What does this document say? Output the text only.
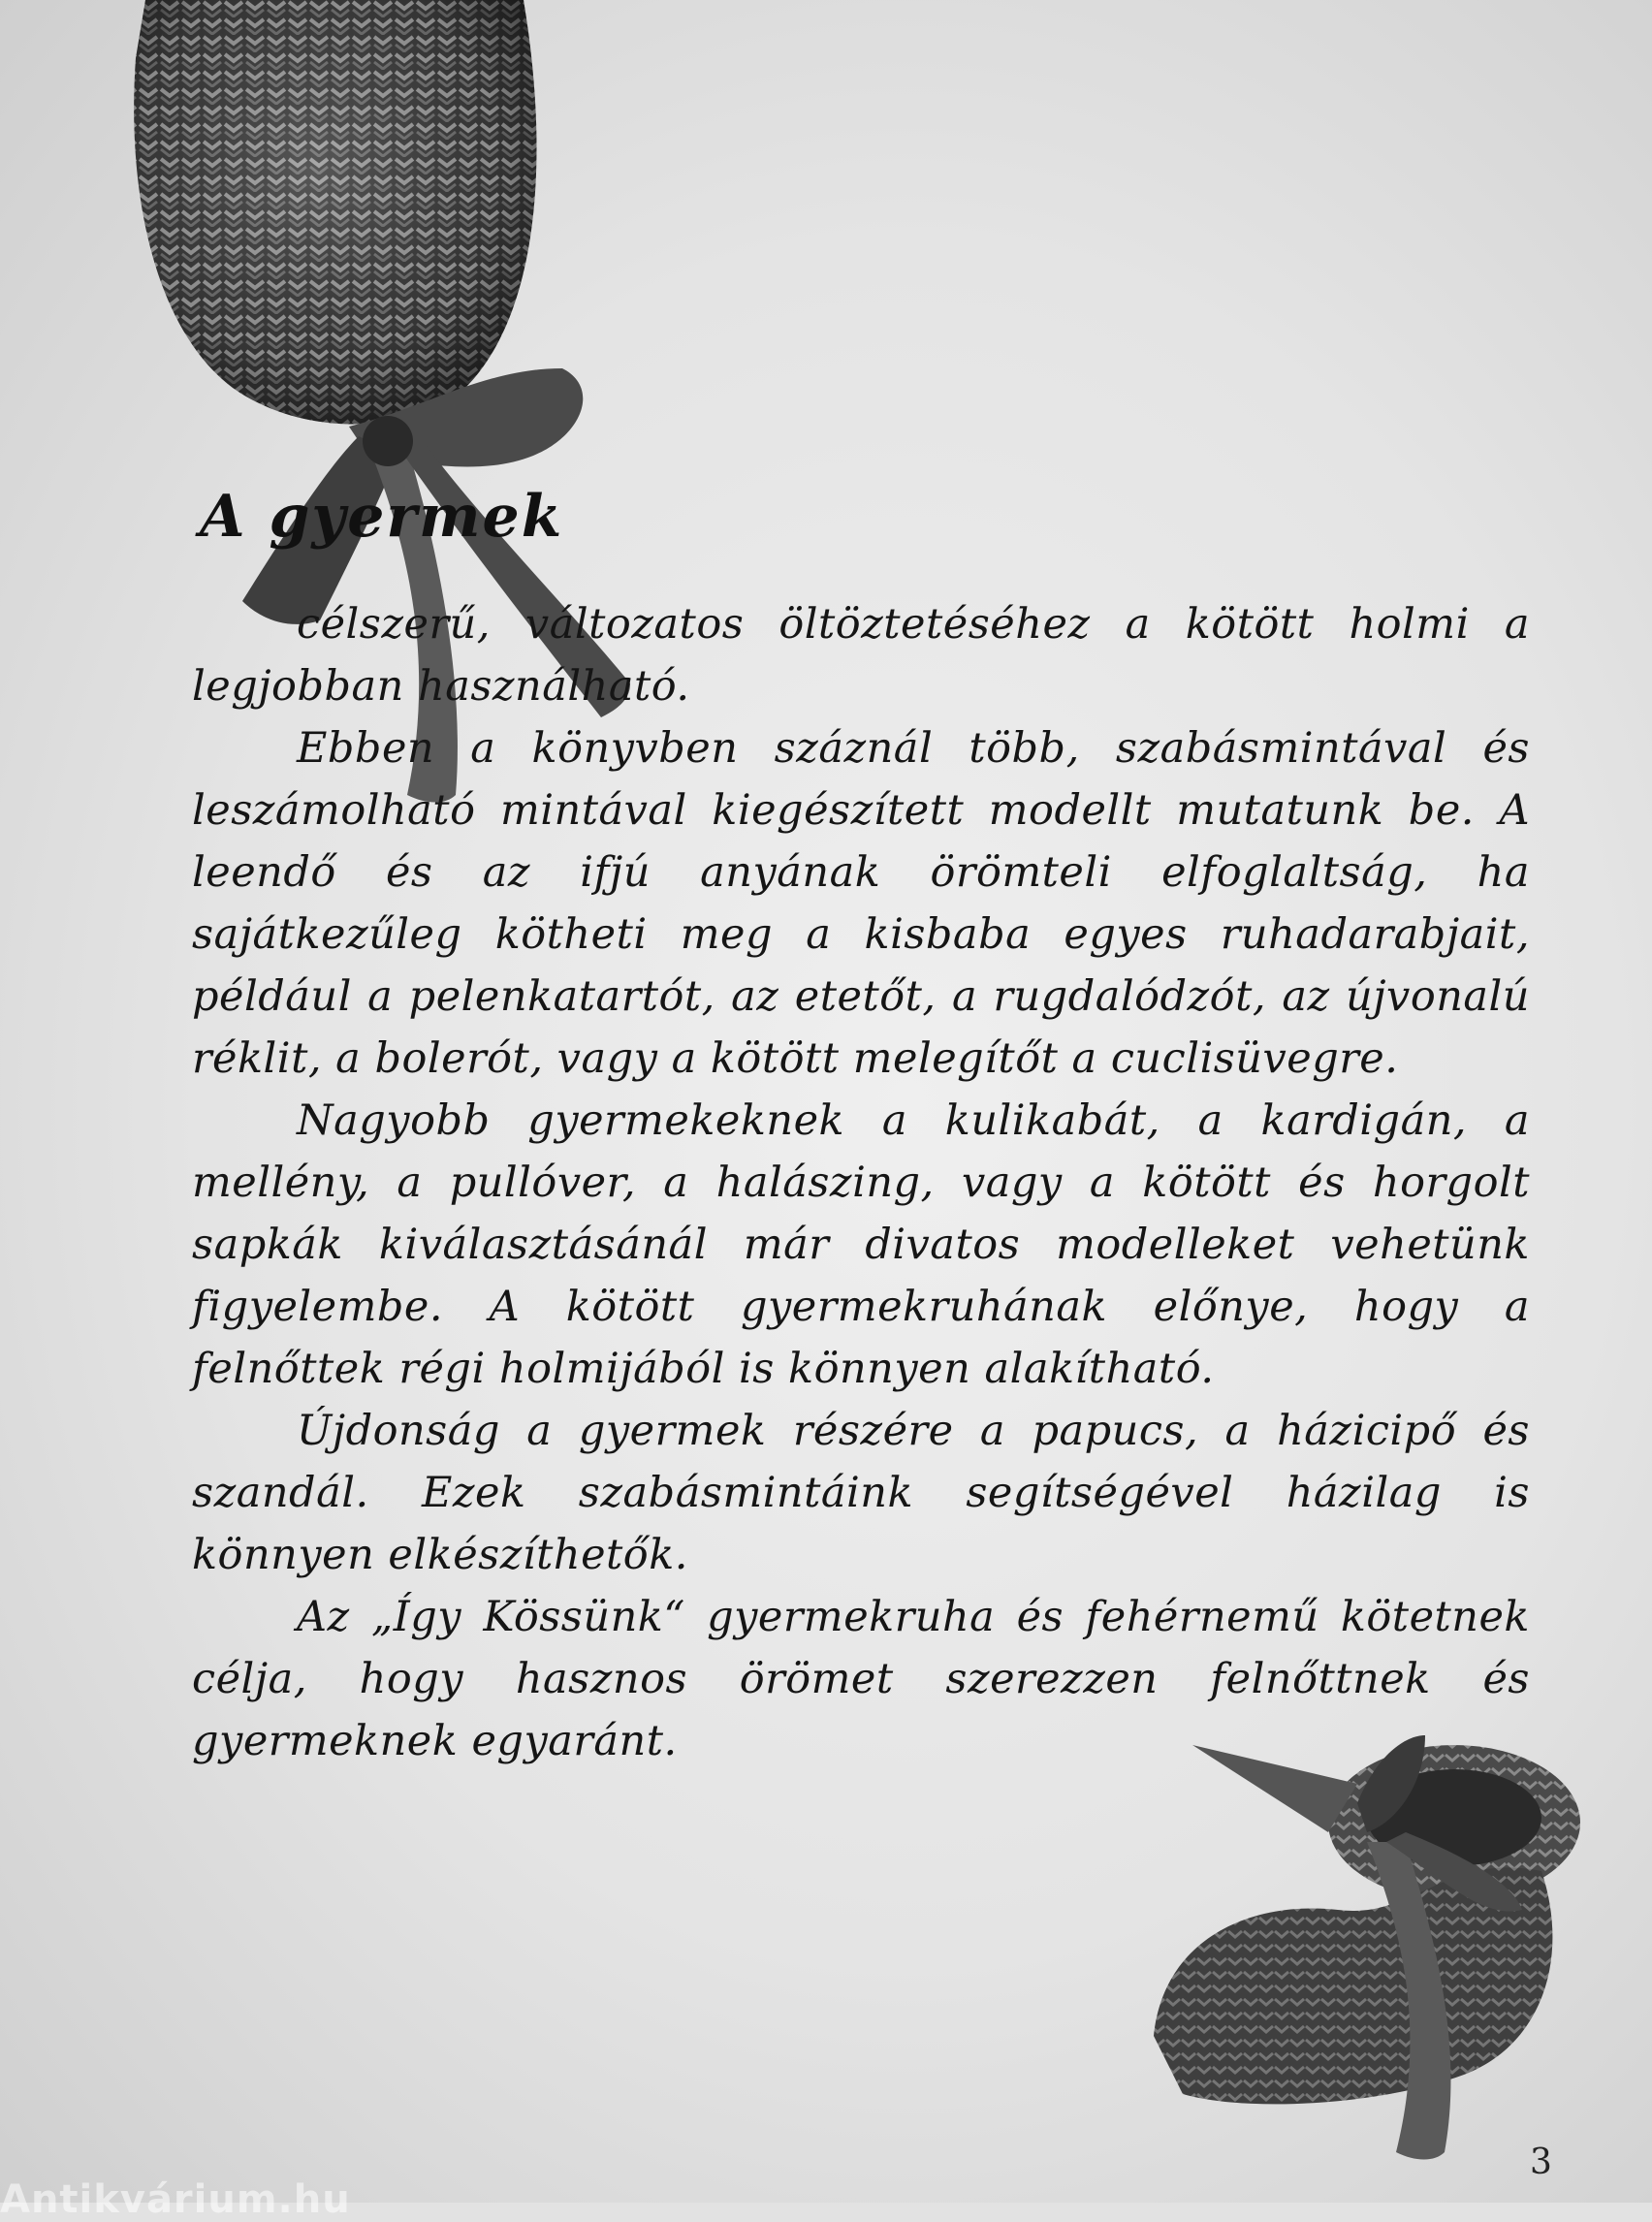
A gyermek

célszerű, változatos öltöztetéséhez a kötött holmi a legjobban használható.

Ebben a könyvben száznál több, szabásmintával és leszámolható mintával kiegészített modellt mutatunk be. A leendő és az ifjú anyának örömteli elfoglaltság, ha sajátkezűleg kötheti meg a kisbaba egyes ruhadarabjait, például a pelenkatartót, az etetőt, a rugdalódzót, az újvonalú réklit, a bolerót, vagy a kötött melegítőt a cuclisüvegre.

Nagyobb gyermekeknek a kulikabát, a kardigán, a mellény, a pullóver, a halászing, vagy a kötött és horgolt sapkák kiválasztásánál már divatos modelleket vehetünk figyelembe. A kötött gyermekruhának előnye, hogy a felnőttek régi holmijából is könnyen alakítható.

Újdonság a gyermek részére a papucs, a házicipő és szandál. Ezek szabásmintáink segítségével házilag is könnyen elkészíthetők.

Az „Így Kössünk“ gyermekruha és fehérnemű kötetnek célja, hogy hasznos örömet szerezzen felnőttnek és gyermeknek egyaránt.

3
Antikvárium.hu
